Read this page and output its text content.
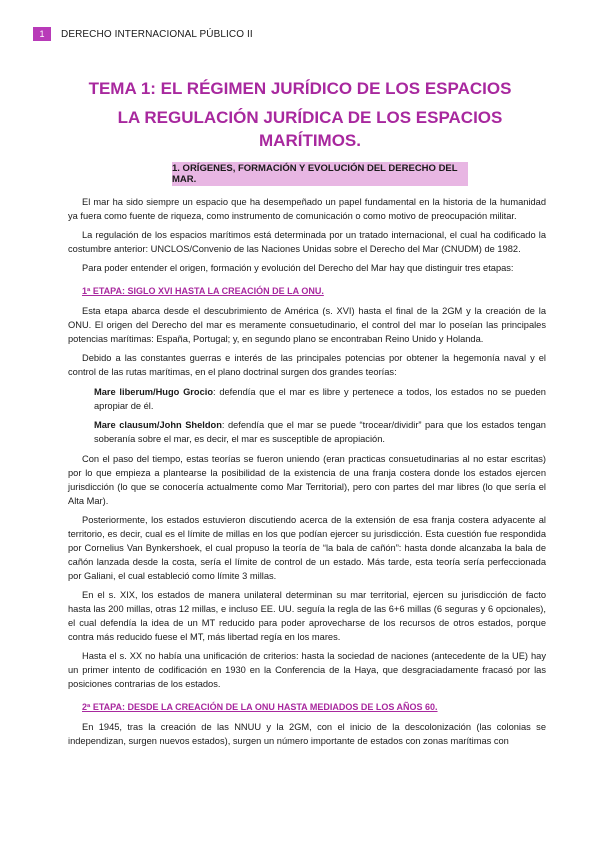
1	DERECHO INTERNACIONAL PÚBLICO II
TEMA 1: EL RÉGIMEN JURÍDICO DE LOS ESPACIOS
LA REGULACIÓN JURÍDICA DE LOS ESPACIOS MARÍTIMOS.
1. ORÍGENES, FORMACIÓN Y EVOLUCIÓN DEL DERECHO DEL MAR.

El mar ha sido siempre un espacio que ha desempeñado un papel fundamental en la historia de la humanidad ya fuera como fuente de riqueza, como instrumento de comunicación o como motivo de preocupación militar.

La regulación de los espacios marítimos está determinada por un tratado internacional, el cual ha codificado la costumbre anterior: UNCLOS/Convenio de las Naciones Unidas sobre el Derecho del Mar (CNUDM) de 1982.

Para poder entender el origen, formación y evolución del Derecho del Mar hay que distinguir tres etapas:

1ª ETAPA: SIGLO XVI HASTA LA CREACIÓN DE LA ONU.

Esta etapa abarca desde el descubrimiento de América (s. XVI) hasta el final de la 2GM y la creación de la ONU. El origen del Derecho del mar es meramente consuetudinario, el control del mar lo poseían las principales potencias marítimas: España, Portugal; y, en segundo plano se encontraban Reino Unido y Holanda.

Debido a las constantes guerras e interés de las principales potencias por obtener la hegemonía naval y el control de las rutas marítimas, en el plano doctrinal surgen dos grandes teorías:

Mare liberum/Hugo Grocio: defendía que el mar es libre y pertenece a todos, los estados no se pueden apropiar de él.

Mare clausum/John Sheldon: defendía que el mar se puede “trocear/dividir” para que los estados tengan soberanía sobre el mar, es decir, el mar es susceptible de apropiación.

Con el paso del tiempo, estas teorías se fueron uniendo (eran practicas consuetudinarias al no estar escritas) por lo que empieza a plantearse la posibilidad de la existencia de una franja costera donde los estados ejercen jurisdicción (lo que se conocería actualmente como Mar Territorial), pero con partes del mar libres (lo que sería el Alta Mar).

Posteriormente, los estados estuvieron discutiendo acerca de la extensión de esa franja costera adyacente al territorio, es decir, cual es el límite de millas en los que podían ejercer su jurisdicción. Esta cuestión fue respondida por Cornelius Van Bynkershoek, el cual propuso la teoría de “la bala de cañón”: hasta donde alcanzaba la bala de cañón lanzada desde la costa, sería el límite de control de un estado. Más tarde, esta teoría sería perfeccionada por Galiani, el cual estableció como límite 3 millas.

En el s. XIX, los estados de manera unilateral determinan su mar territorial, ejercen su jurisdicción de facto hasta las 200 millas, otras 12 millas, e incluso EE. UU. seguía la regla de las 6+6 millas (6 seguras y 6 opcionales), el cual defendía la idea de un MT reducido para poder aprovecharse de los recursos de otros estados, porque contra más reducido fuese el MT, más libertad regía en los mares.

Hasta el s. XX no había una unificación de criterios: hasta la sociedad de naciones (antecedente de la UE) hay un primer intento de codificación en 1930 en la Conferencia de la Haya, que desgraciadamente fracasó por las posiciones contrarias de los estados.

2ª ETAPA: DESDE LA CREACIÓN DE LA ONU HASTA MEDIADOS DE LOS AÑOS 60.

En 1945, tras la creación de las NNUU y la 2GM, con el inicio de la descolonización (las colonias se independizan, surgen nuevos estados), surgen un número importante de estados con zonas marítimas con
